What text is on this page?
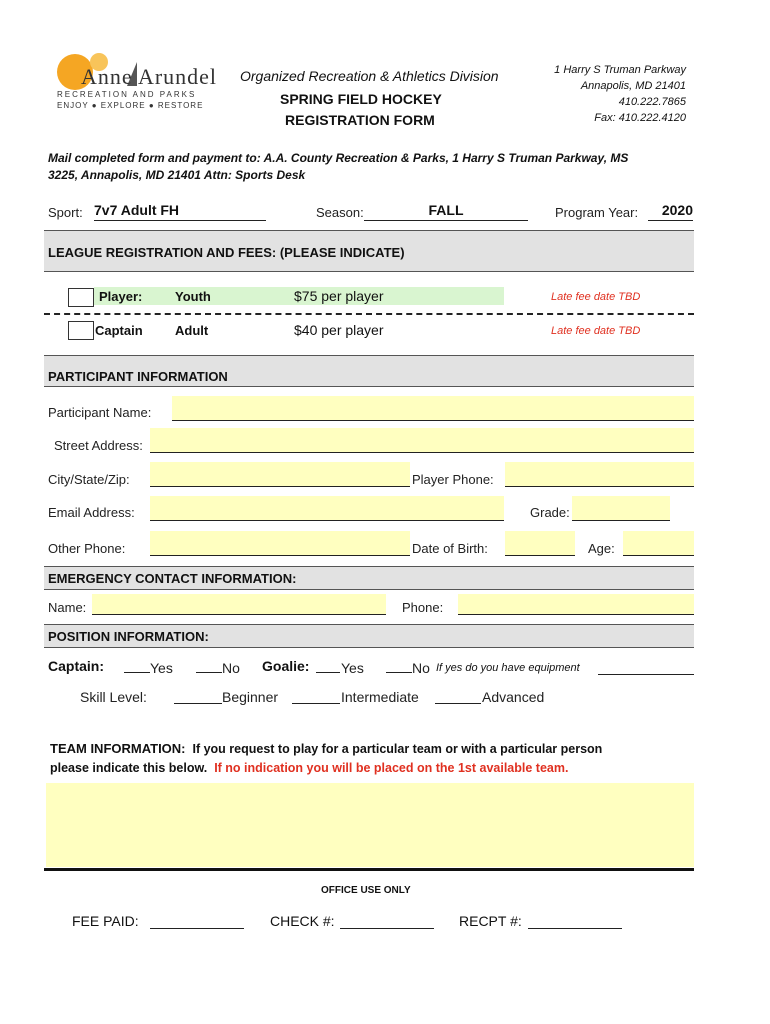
Anne Arundel
RECREATION AND PARKS
ENJOY ● EXPLORE ● RESTORE
Organized Recreation & Athletics Division
SPRING FIELD HOCKEY
REGISTRATION FORM
1 Harry S Truman Parkway
Annapolis, MD 21401
410.222.7865
Fax: 410.222.4120
Mail completed form and payment to: A.A. County Recreation & Parks, 1 Harry S Truman Parkway, MS
3225, Annapolis, MD 21401 Attn: Sports Desk
Sport: 7v7 Adult FH	Season:	FALL	Program Year:	2020
LEAGUE REGISTRATION AND FEES: (PLEASE INDICATE)
Player:	Youth	$75 per player	Late fee date TBD
Captain Adult	$40 per player	Late fee date TBD
PARTICIPANT INFORMATION
Participant Name:
Street Address:
City/State/Zip:	Player Phone:
Email Address:	Grade:
Other Phone:	Date of Birth:	Age:
EMERGENCY CONTACT INFORMATION:
Name:	Phone:
POSITION INFORMATION:
Captain:	Yes	No Goalie: Yes	No If yes do you have equipment
Skill Level:	Beginner	Intermediate	Advanced
TEAM INFORMATION: If you request to play for a particular team or with a particular person
please indicate this below. If no indication you will be placed on the 1st available team.
OFFICE USE ONLY
FEE PAID:	CHECK #:	RECPT #:
